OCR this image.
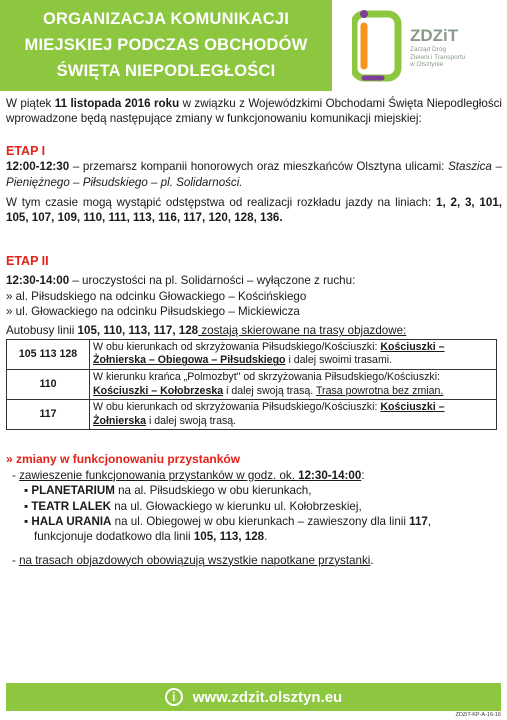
ORGANIZACJA KOMUNIKACJI
MIEJSKIEJ PODCZAS OBCHODÓW
ŚWIĘTA NIEPODLEGŁOŚCI
ZDZiT
Zarząd Dróg
Zieleni i Transportu
w Olsztynie

W piątek 11 listopada 2016 roku w związku z Wojewódzkimi Obchodami Święta Niepodległości wprowadzone będą następujące zmiany w funkcjonowaniu komunikacji miejskiej:

ETAP I

12:00-12:30 – przemarsz kompanii honorowych oraz mieszkańców Olsztyna ulicami: Staszica – Pieniężnego – Piłsudskiego – pl. Solidarności.

W tym czasie mogą wystąpić odstępstwa od realizacji rozkładu jazdy na liniach: 1, 2, 3, 101, 105, 107, 109, 110, 111, 113, 116, 117, 120, 128, 136.

ETAP II

12:30-14:00 – uroczystości na pl. Solidarności – wyłączone z ruchu:

» al. Piłsudskiego na odcinku Głowackiego – Kościńskiego

» ul. Głowackiego na odcinku Piłsudskiego – Mickiewicza

Autobusy linii 105, 110, 113, 117, 128 zostają skierowane na trasy objazdowe:

105 113 128	W obu kierunkach od skrzyżowania Piłsudskiego/Kościuszki: Kościuszki – Żołnierska – Obiegowa – Piłsudskiego i dalej swoimi trasami.
110	W kierunku krańca „Polmozbyt" od skrzyżowania Piłsudskiego/Kościuszki: Kościuszki – Kołobrzeska i dalej swoją trasą. Trasa powrotna bez zmian.
117	W obu kierunkach od skrzyżowania Piłsudskiego/Kościuszki: Kościuszki – Żołnierska i dalej swoją trasą.

» zmiany w funkcjonowaniu przystanków

- zawieszenie funkcjonowania przystanków w godz. ok. 12:30-14:00:

▪ PLANETARIUM na al. Piłsudskiego w obu kierunkach,

▪ TEATR LALEK na ul. Głowackiego w kierunku ul. Kołobrzeskiej,

▪ HALA URANIA na ul. Obiegowej w obu kierunkach – zawieszony dla linii 117,
funkcjonuje dodatkowo dla linii 105, 113, 128.

- na trasach objazdowych obowiązują wszystkie napotkane przystanki.

i	www.zdzit.olsztyn.eu
ZDZiT-KP-A-16-16
